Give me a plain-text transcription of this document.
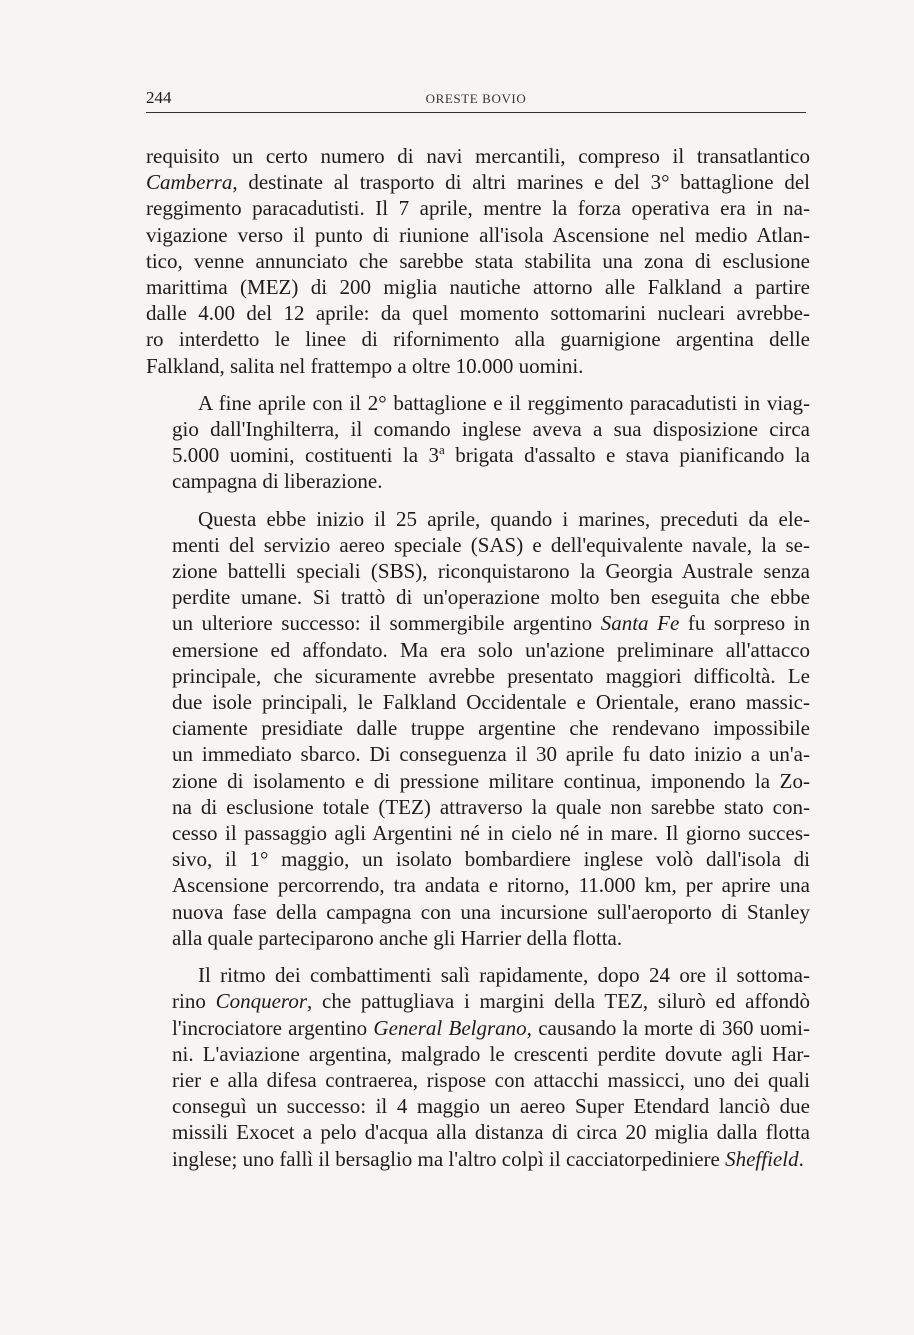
244	ORESTE BOVIO

requisito un certo numero di navi mercantili, compreso il transatlantico
Camberra, destinate al trasporto di altri marines e del 3° battaglione del
reggimento paracadutisti. Il 7 aprile, mentre la forza operativa era in na-
vigazione verso il punto di riunione all'isola Ascensione nel medio Atlan-
tico, venne annunciato che sarebbe stata stabilita una zona di esclusione
marittima (MEZ) di 200 miglia nautiche attorno alle Falkland a partire
dalle 4.00 del 12 aprile: da quel momento sottomarini nucleari avrebbe-
ro interdetto le linee di rifornimento alla guarnigione argentina delle
Falkland, salita nel frattempo a oltre 10.000 uomini.

A fine aprile con il 2° battaglione e il reggimento paracadutisti in viag-
gio dall'Inghilterra, il comando inglese aveva a sua disposizione circa
5.000 uomini, costituenti la 3$^a$ brigata d'assalto e stava pianificando la
campagna di liberazione.

Questa ebbe inizio il 25 aprile, quando i marines, preceduti da ele-
menti del servizio aereo speciale (SAS) e dell'equivalente navale, la se-
zione battelli speciali (SBS), riconquistarono la Georgia Australe senza
perdite umane. Si trattò di un'operazione molto ben eseguita che ebbe
un ulteriore successo: il sommergibile argentino Santa Fe fu sorpreso in
emersione ed affondato. Ma era solo un'azione preliminare all'attacco
principale, che sicuramente avrebbe presentato maggiori difficoltà. Le
due isole principali, le Falkland Occidentale e Orientale, erano massic-
ciamente presidiate dalle truppe argentine che rendevano impossibile
un immediato sbarco. Di conseguenza il 30 aprile fu dato inizio a un'a-
zione di isolamento e di pressione militare continua, imponendo la Zo-
na di esclusione totale (TEZ) attraverso la quale non sarebbe stato con-
cesso il passaggio agli Argentini né in cielo né in mare. Il giorno succes-
sivo, il 1° maggio, un isolato bombardiere inglese volò dall'isola di
Ascensione percorrendo, tra andata e ritorno, 11.000 km, per aprire una
nuova fase della campagna con una incursione sull'aeroporto di Stanley
alla quale parteciparono anche gli Harrier della flotta.

Il ritmo dei combattimenti salì rapidamente, dopo 24 ore il sottoma-
rino Conqueror, che pattugliava i margini della TEZ, silurò ed affondò
l'incrociatore argentino General Belgrano, causando la morte di 360 uomi-
ni. L'aviazione argentina, malgrado le crescenti perdite dovute agli Har-
rier e alla difesa contraerea, rispose con attacchi massicci, uno dei quali
conseguì un successo: il 4 maggio un aereo Super Etendard lanciò due
missili Exocet a pelo d'acqua alla distanza di circa 20 miglia dalla flotta
inglese; uno fallì il bersaglio ma l'altro colpì il cacciatorpediniere Sheffield.
